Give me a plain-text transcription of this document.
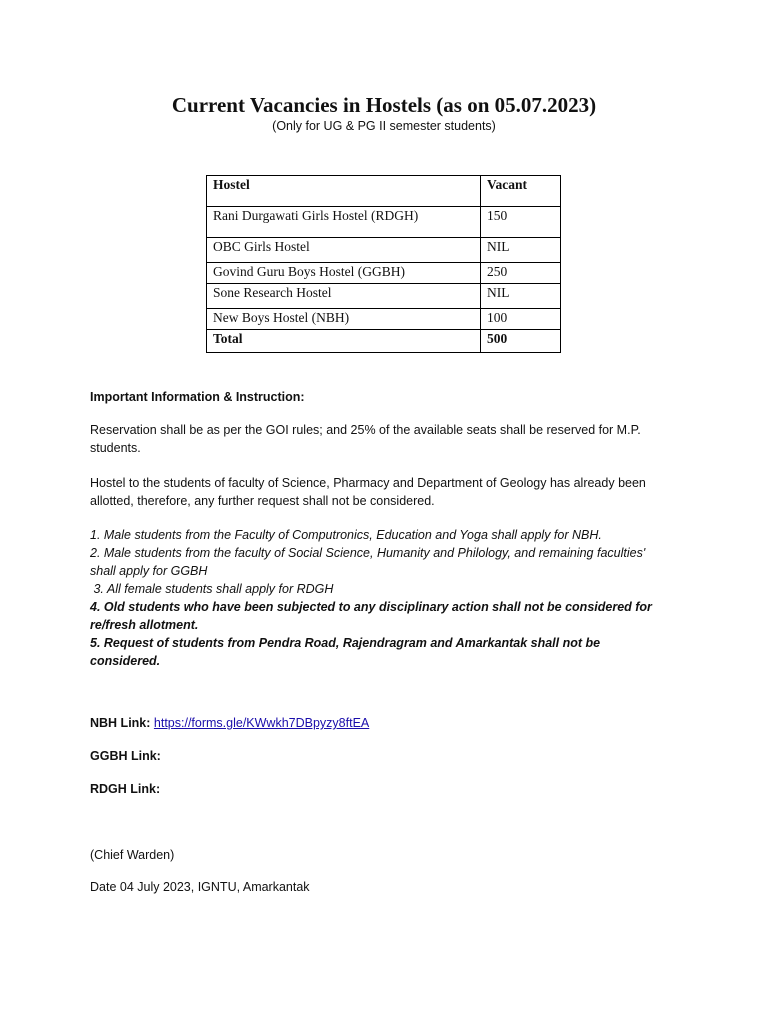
Current Vacancies in Hostels (as on 05.07.2023)
(Only for UG & PG II semester students)
Hostel	Vacant
Rani Durgawati Girls Hostel (RDGH)	150
OBC Girls Hostel	NIL
Govind Guru Boys Hostel (GGBH)	250
Sone Research Hostel	NIL
New Boys Hostel (NBH)	100
Total	500
Important Information & Instruction:
Reservation shall be as per the GOI rules; and 25% of the available seats shall be reserved for M.P. students.
Hostel to the students of faculty of Science, Pharmacy and Department of Geology has already been allotted, therefore, any further request shall not be considered.
1. Male students from the Faculty of Computronics, Education and Yoga shall apply for NBH.
2. Male students from the faculty of Social Science, Humanity and Philology, and remaining faculties' shall apply for GGBH
3. All female students shall apply for RDGH
4. Old students who have been subjected to any disciplinary action shall not be considered for re/fresh allotment.
5. Request of students from Pendra Road, Rajendragram and Amarkantak shall not be considered.
NBH Link: https://forms.gle/KWwkh7DBpyzy8ftEA
GGBH Link:
RDGH Link:
(Chief Warden)
Date 04 July 2023, IGNTU, Amarkantak
